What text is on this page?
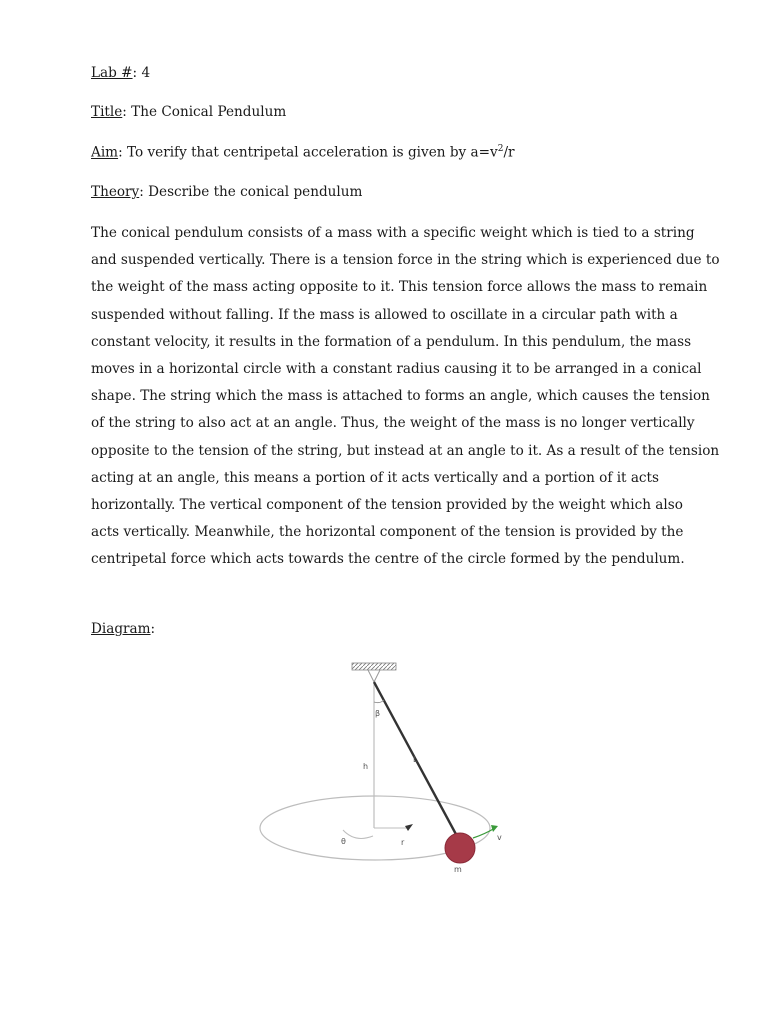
Lab #: 4
Title: The Conical Pendulum
Aim: To verify that centripetal acceleration is given by $a=v^2/r$
Theory: Describe the conical pendulum

The conical pendulum consists of a mass with a specific weight which is tied to a string
and suspended vertically. There is a tension force in the string which is experienced due to
the weight of the mass acting opposite to it. This tension force allows the mass to remain
suspended without falling. If the mass is allowed to oscillate in a circular path with a
constant velocity, it results in the formation of a pendulum. In this pendulum, the mass
moves in a horizontal circle with a constant radius causing it to be arranged in a conical
shape. The string which the mass is attached to forms an angle, which causes the tension
of the string to also act at an angle. Thus, the weight of the mass is no longer vertically
opposite to the tension of the string, but instead at an angle to it. As a result of the tension
acting at an angle, this means a portion of it acts vertically and a portion of it acts
horizontally. The vertical component of the tension provided by the weight which also
acts vertically. Meanwhile, the horizontal component of the tension is provided by the
centripetal force which acts towards the centre of the circle formed by the pendulum.

Diagram:
β
L
h
θ	r
v
m
